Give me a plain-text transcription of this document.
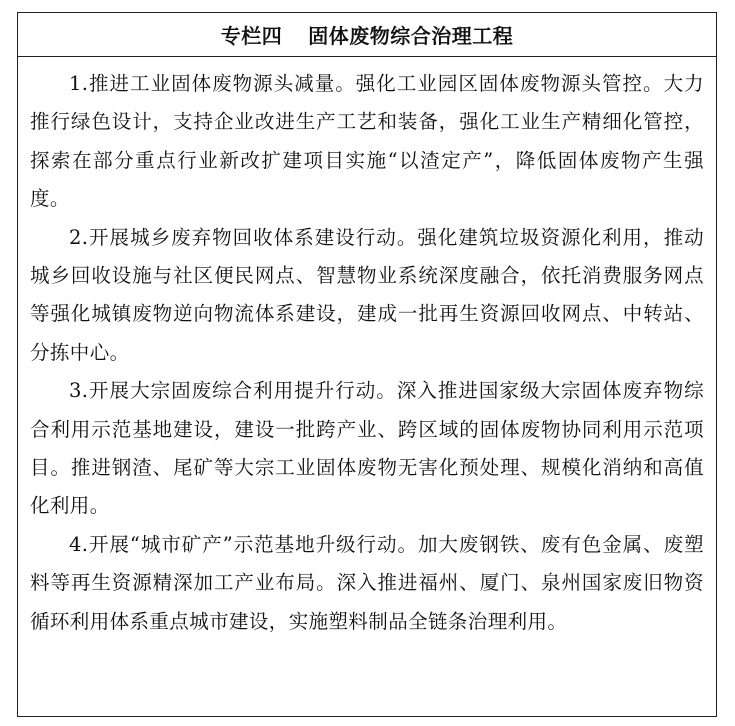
专栏四 固体废物综合治理工程

1.推进工业固体废物源头减量。强化工业园区固体废物源头管控。大力推行绿色设计，支持企业改进生产工艺和装备，强化工业生产精细化管控，探索在部分重点行业新改扩建项目实施“以渣定产”，降低固体废物产生强度。

2.开展城乡废弃物回收体系建设行动。强化建筑垃圾资源化利用，推动城乡回收设施与社区便民网点、智慧物业系统深度融合，依托消费服务网点等强化城镇废物逆向物流体系建设，建成一批再生资源回收网点、中转站、分拣中心。

3.开展大宗固废综合利用提升行动。深入推进国家级大宗固体废弃物综合利用示范基地建设，建设一批跨产业、跨区域的固体废物协同利用示范项目。推进钢渣、尾矿等大宗工业固体废物无害化预处理、规模化消纳和高值化利用。

4.开展“城市矿产”示范基地升级行动。加大废钢铁、废有色金属、废塑料等再生资源精深加工产业布局。深入推进福州、厦门、泉州国家废旧物资循环利用体系重点城市建设，实施塑料制品全链条治理利用。
